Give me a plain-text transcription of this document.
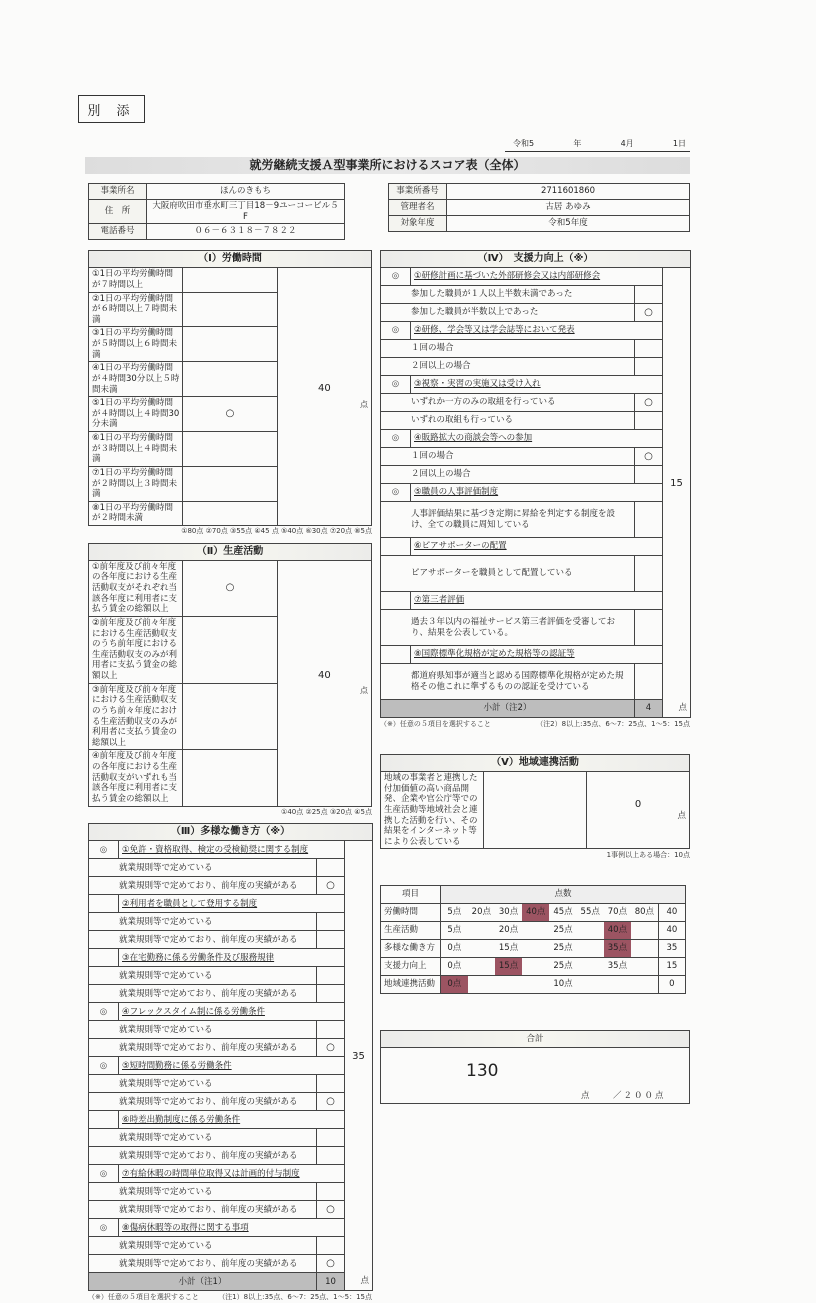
別 添
令和5	年	4月	1日
就労継続支援Ａ型事業所におけるスコア表（全体）
事業所名	ほんのきもち
住　所	大阪府吹田市垂水町三丁目18－9ユーコービル５F
電話番号	０６－６３１８－７８２２
事業所番号	2711601860
管理者名	古居 あゆみ
対象年度	令和5年度
（Ⅰ）労働時間		
①1日の平均労働時間が７時間以上		40
点

②1日の平均労働時間が６時間以上７時間未満		
③1日の平均労働時間が５時間以上６時間未満		
④1日の平均労働時間が４時間30分以上５時間未満		
⑤1日の平均労働時間が４時間以上４時間30分未満	○	
⑥1日の平均労働時間が３時間以上４時間未満		
⑦1日の平均労働時間が２時間以上３時間未満		
⑧1日の平均労働時間が２時間未満		
①80点 ②70点 ③55点 ④45 点 ⑤40点 ⑥30点 ⑦20点 ⑧5点
（Ⅱ）生産活動		
①前年度及び前々年度の各年度における生産活動収支がそれぞれ当該各年度に利用者に支払う賃金の総額以上	○	40
点

②前年度及び前々年度における生産活動収支のうち前年度における生産活動収支のみが利用者に支払う賃金の総額以上		
③前年度及び前々年度における生産活動収支のうち前々年度における生産活動収支のみが利用者に支払う賃金の総額以上		
④前年度及び前々年度の各年度における生産活動収支がいずれも当該各年度に利用者に支払う賃金の総額以上		
①40点 ②25点 ③20点 ④5点

（Ⅲ）多様な働き方（※）			
◎	①免許・資格取得、検定の受検勧奨に関する制度		35

就業規則等で定めている			
就業規則等で定めており、前年度の実績がある		○	
	②利用者を職員として登用する制度		
就業規則等で定めている			
就業規則等で定めており、前年度の実績がある			
	③在宅勤務に係る労働条件及び服務規律		
就業規則等で定めている			
就業規則等で定めており、前年度の実績がある			
◎	④フレックスタイム制に係る労働条件		
就業規則等で定めている			
就業規則等で定めており、前年度の実績がある		○	
◎	⑤短時間勤務に係る労働条件		
就業規則等で定めている			
就業規則等で定めており、前年度の実績がある		○	
	⑥時差出勤制度に係る労働条件		
就業規則等で定めている			
就業規則等で定めており、前年度の実績がある			
◎	⑦有給休暇の時間単位取得又は計画的付与制度		
就業規則等で定めている			
就業規則等で定めており、前年度の実績がある		○	
◎	⑧傷病休暇等の取得に関する事項		
就業規則等で定めている			
就業規則等で定めており、前年度の実績がある		○	
小計（注1）		10	点
（※）任意の５項目を選択すること	（注1）8以上:35点、6～7：25点、1～5：15点

（Ⅳ）　支援力向上（※）			
◎	①研修計画に基づいた外部研修会又は内部研修会		15

参加した職員が１人以上半数未満であった			
参加した職員が半数以上であった		○	
◎	②研修、学会等又は学会誌等において発表		
１回の場合			
２回以上の場合			
◎	③視察・実習の実施又は受け入れ		
いずれか一方のみの取組を行っている		○	
いずれの取組も行っている			
◎	④販路拡大の商談会等への参加		
１回の場合		○	
２回以上の場合			
◎	⑤職員の人事評価制度		
人事評価結果に基づき定期に昇給を判定する制度を設け、全ての職員に周知している			
	⑥ピアサポーターの配置		
ピアサポーターを職員として配置している			
	⑦第三者評価		
過去３年以内の福祉サービス第三者評価を受審しており、結果を公表している。			
	⑧国際標準化規格が定めた規格等の認証等		
都道府県知事が適当と認める国際標準化規格が定めた規格その他これに準ずるものの認証を受けている			
小計（注2）		4	点
（※）任意の５項目を選択すること	（注2）8以上:35点、6～7：25点、1～5：15点
（Ⅴ）地域連携活動
地域の事業者と連携した付加価値の高い商品開発、企業や官公庁等での生産活動等地域社会と連携した活動を行い、その結果をインターネット等により公表している		
0
点
1事例以上ある場合：10点
項目	点数								
労働時間	5点	20点	30点	40点	45点	55点	70点	80点	40
生産活動	5点		20点		25点		40点		40
多様な働き方	0点		15点		25点		35点		35
支援力向上	0点		15点		25点		35点		15
地域連携活動	0点				10点				0
合計
130
点	／２００点
